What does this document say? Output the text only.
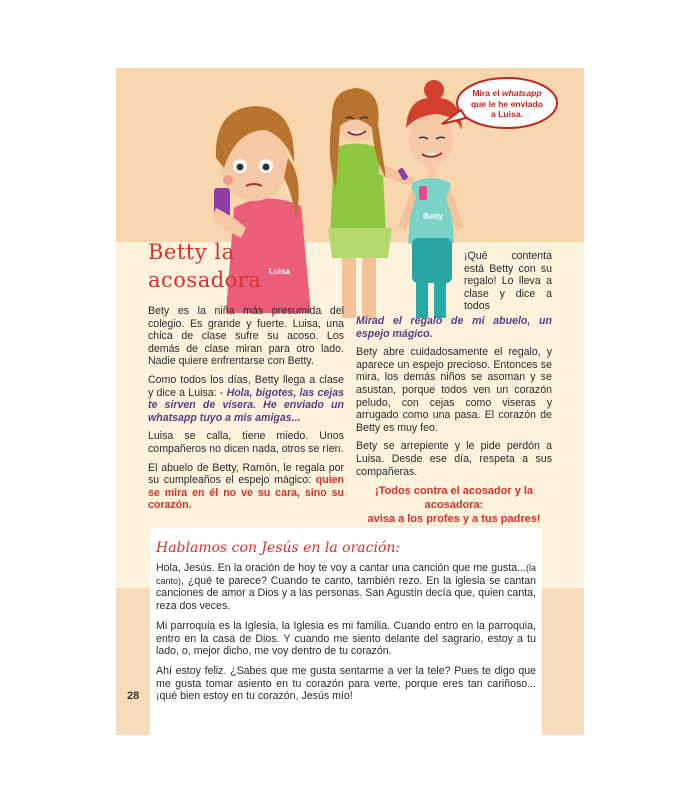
Mira el whatsapp
que le he enviado
a Luisa.
Luisa
Betty
Betty la
acosadora

Bety es la niña más presumida del colegio. Es grande y fuerte. Luisa, una chica de clase sufre su acoso. Los demás de clase miran para otro lado. Nadie quiere enfrentarse con Betty.

Como todos los días, Betty llega a clase y dice a Luisa: - Hola, bigotes, las cejas te sirven de visera. He enviado un whatsapp tuyo a mis amigas...

Luisa se calla, tiene miedo. Unos compañeros no dicen nada, otros se ríen.

El abuelo de Betty, Ramón, le regala por su cumpleaños el espejo mágico: quien se mira en él no ve su cara, sino su corazón.

¡Qué contenta está Betty con su regalo! Lo lleva a clase y dice a todos

Mirad el regalo de mi abuelo, un espejo mágico.

Bety abre cuidadosamente el regalo, y aparece un espejo precioso. Entonces se mira, los demás niños se asoman y se asustan, porque todos ven un corazón peludo, con cejas como viseras y arrugado como una pasa. El corazón de Betty es muy feo.

Bety se arrepiente y le pide perdón a Luisa. Desde ese día, respeta a sus compañeras.

¡Todos contra el acosador y la acosadora:
avisa a los profes y a tus padres!
Hablamos con Jesús en la oración:

Hola, Jesús. En la oración de hoy te voy a cantar una canción que me gusta...(la canto), ¿qué te parece? Cuando te canto, también rezo. En la iglesia se cantan canciones de amor a Dios y a las personas. San Agustín decía que, quien canta, reza dos veces.

Mi parroquia es la Iglesia, la Iglesia es mi familia. Cuando entro en la parroquia, entro en la casa de Dios. Y cuando me siento delante del sagrario, estoy a tu lado, o, mejor dicho, me voy dentro de tu corazón.

Ahí estoy feliz. ¿Sabes que me gusta sentarme a ver la tele? Pues te digo que me gusta tomar asiento en tu corazón para verte, porque eres tan cariñoso... ¡qué bien estoy en tu corazón, Jesús mío!

28
